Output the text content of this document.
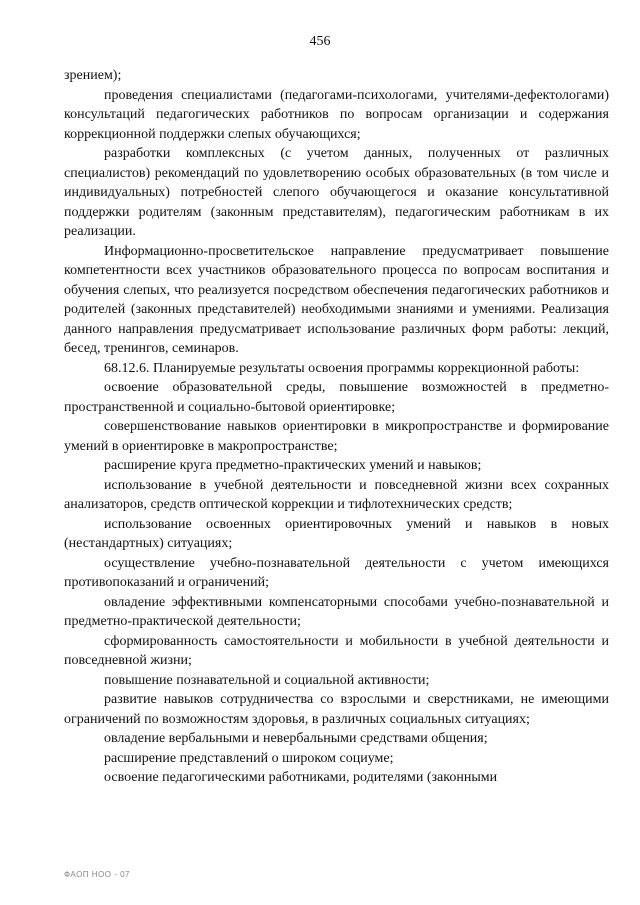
456

зрением);

проведения специалистами (педагогами-психологами, учителями-дефектологами) консультаций педагогических работников по вопросам организации и содержания коррекционной поддержки слепых обучающихся;

разработки комплексных (с учетом данных, полученных от различных специалистов) рекомендаций по удовлетворению особых образовательных (в том числе и индивидуальных) потребностей слепого обучающегося и оказание консультативной поддержки родителям (законным представителям), педагогическим работникам в их реализации.

Информационно-просветительское направление предусматривает повышение компетентности всех участников образовательного процесса по вопросам воспитания и обучения слепых, что реализуется посредством обеспечения педагогических работников и родителей (законных представителей) необходимыми знаниями и умениями. Реализация данного направления предусматривает использование различных форм работы: лекций, бесед, тренингов, семинаров.

68.12.6. Планируемые результаты освоения программы коррекционной работы:

освоение образовательной среды, повышение возможностей в предметно-пространственной и социально-бытовой ориентировке;

совершенствование навыков ориентировки в микропространстве и формирование умений в ориентировке в макропространстве;

расширение круга предметно-практических умений и навыков;

использование в учебной деятельности и повседневной жизни всех сохранных анализаторов, средств оптической коррекции и тифлотехнических средств;

использование освоенных ориентировочных умений и навыков в новых (нестандартных) ситуациях;

осуществление учебно-познавательной деятельности с учетом имеющихся противопоказаний и ограничений;

овладение эффективными компенсаторными способами учебно-познавательной и предметно-практической деятельности;

сформированность самостоятельности и мобильности в учебной деятельности и повседневной жизни;

повышение познавательной и социальной активности;

развитие навыков сотрудничества со взрослыми и сверстниками, не имеющими ограничений по возможностям здоровья, в различных социальных ситуациях;

овладение вербальными и невербальными средствами общения;

расширение представлений о широком социуме;

освоение педагогическими работниками, родителями (законными

ФАОП НОО - 07
